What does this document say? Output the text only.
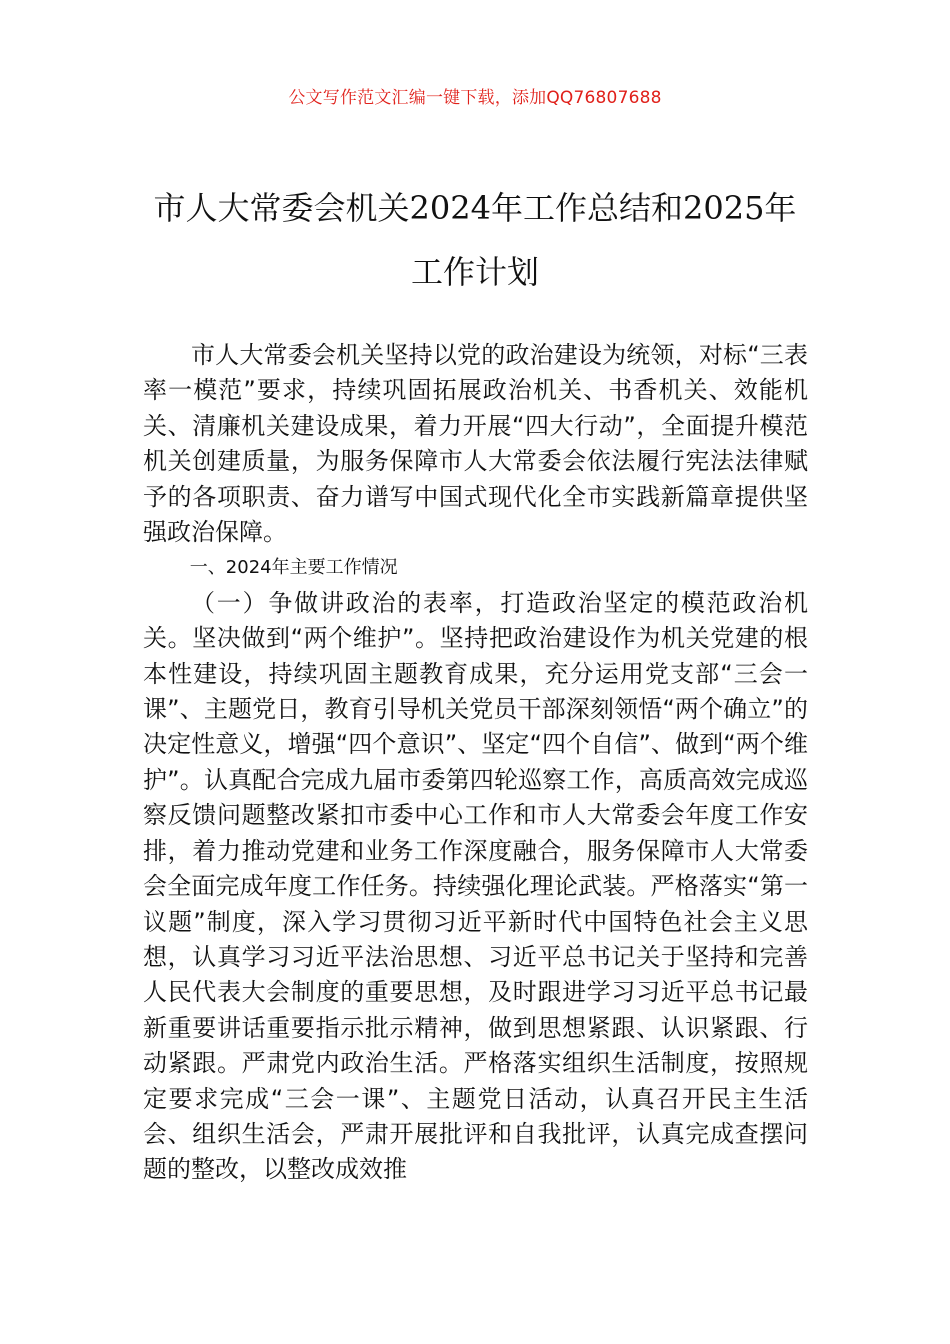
公文写作范文汇编一键下载，添加QQ76807688
市人大常委会机关2024年工作总结和2025年工作计划

市人大常委会机关坚持以党的政治建设为统领，对标“三表率一模范”要求，持续巩固拓展政治机关、书香机关、效能机关、清廉机关建设成果，着力开展“四大行动”，全面提升模范机关创建质量，为服务保障市人大常委会依法履行宪法法律赋予的各项职责、奋力谱写中国式现代化全市实践新篇章提供坚强政治保障。

一、2024年主要工作情况

（一）争做讲政治的表率，打造政治坚定的模范政治机关。坚决做到“两个维护”。坚持把政治建设作为机关党建的根本性建设，持续巩固主题教育成果，充分运用党支部“三会一课”、主题党日，教育引导机关党员干部深刻领悟“两个确立”的决定性意义，增强“四个意识”、坚定“四个自信”、做到“两个维护”。认真配合完成九届市委第四轮巡察工作，高质高效完成巡察反馈问题整改紧扣市委中心工作和市人大常委会年度工作安排，着力推动党建和业务工作深度融合，服务保障市人大常委会全面完成年度工作任务。持续强化理论武装。严格落实“第一议题”制度，深入学习贯彻习近平新时代中国特色社会主义思想，认真学习习近平法治思想、习近平总书记关于坚持和完善人民代表大会制度的重要思想，及时跟进学习习近平总书记最新重要讲话重要指示批示精神，做到思想紧跟、认识紧跟、行动紧跟。严肃党内政治生活。严格落实组织生活制度，按照规定要求完成“三会一课”、主题党日活动，认真召开民主生活会、组织生活会，严肃开展批评和自我批评，认真完成查摆问题的整改，以整改成效推
